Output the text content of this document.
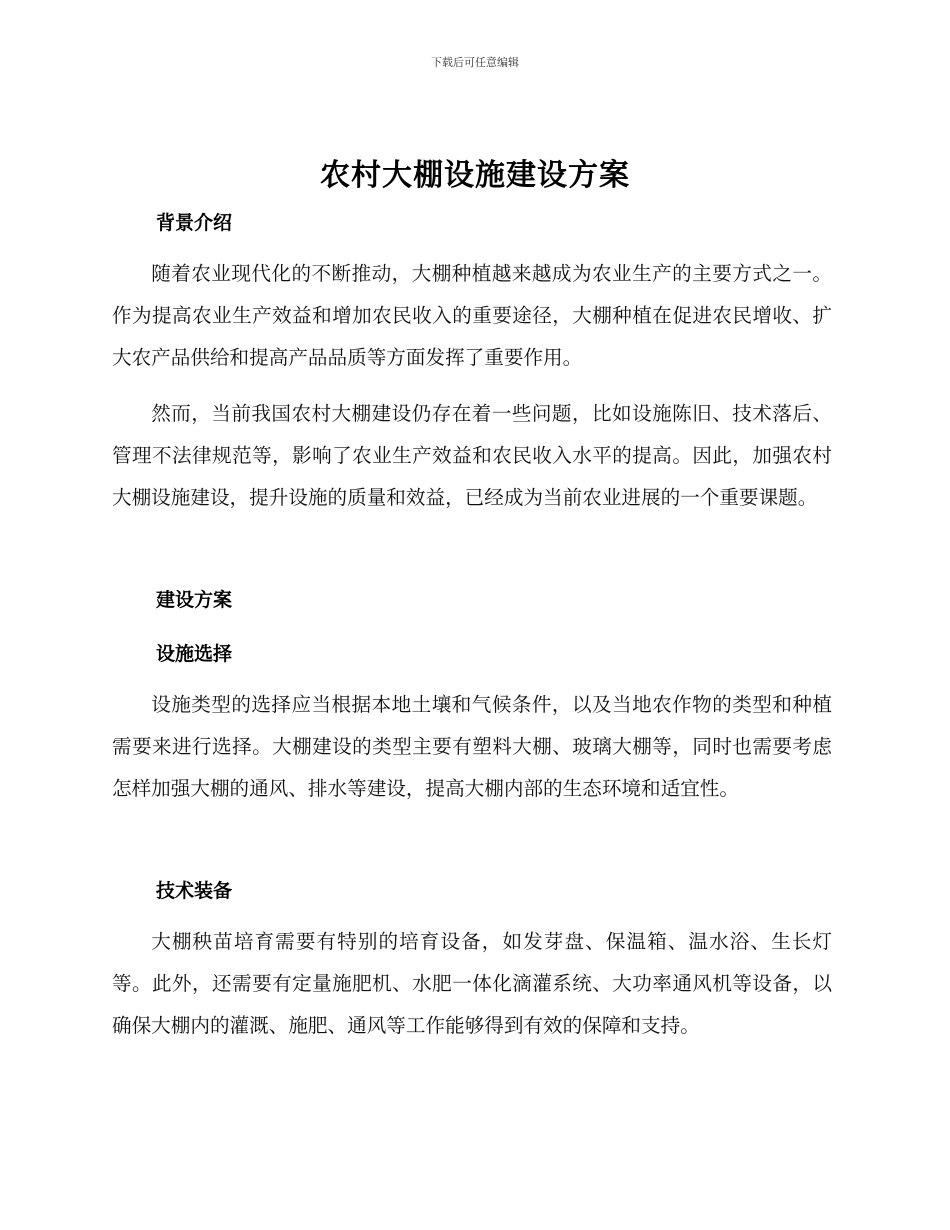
下载后可任意编辑
农村大棚设施建设方案
背景介绍
随着农业现代化的不断推动，大棚种植越来越成为农业生产的主要方式之一。作为提高农业生产效益和增加农民收入的重要途径，大棚种植在促进农民增收、扩大农产品供给和提高产品品质等方面发挥了重要作用。
然而，当前我国农村大棚建设仍存在着一些问题，比如设施陈旧、技术落后、管理不法律规范等，影响了农业生产效益和农民收入水平的提高。因此，加强农村大棚设施建设，提升设施的质量和效益，已经成为当前农业进展的一个重要课题。
建设方案
设施选择
设施类型的选择应当根据本地土壤和气候条件，以及当地农作物的类型和种植需要来进行选择。大棚建设的类型主要有塑料大棚、玻璃大棚等，同时也需要考虑怎样加强大棚的通风、排水等建设，提高大棚内部的生态环境和适宜性。
技术装备
大棚秧苗培育需要有特别的培育设备，如发芽盘、保温箱、温水浴、生长灯等。此外，还需要有定量施肥机、水肥一体化滴灌系统、大功率通风机等设备，以确保大棚内的灌溉、施肥、通风等工作能够得到有效的保障和支持。
